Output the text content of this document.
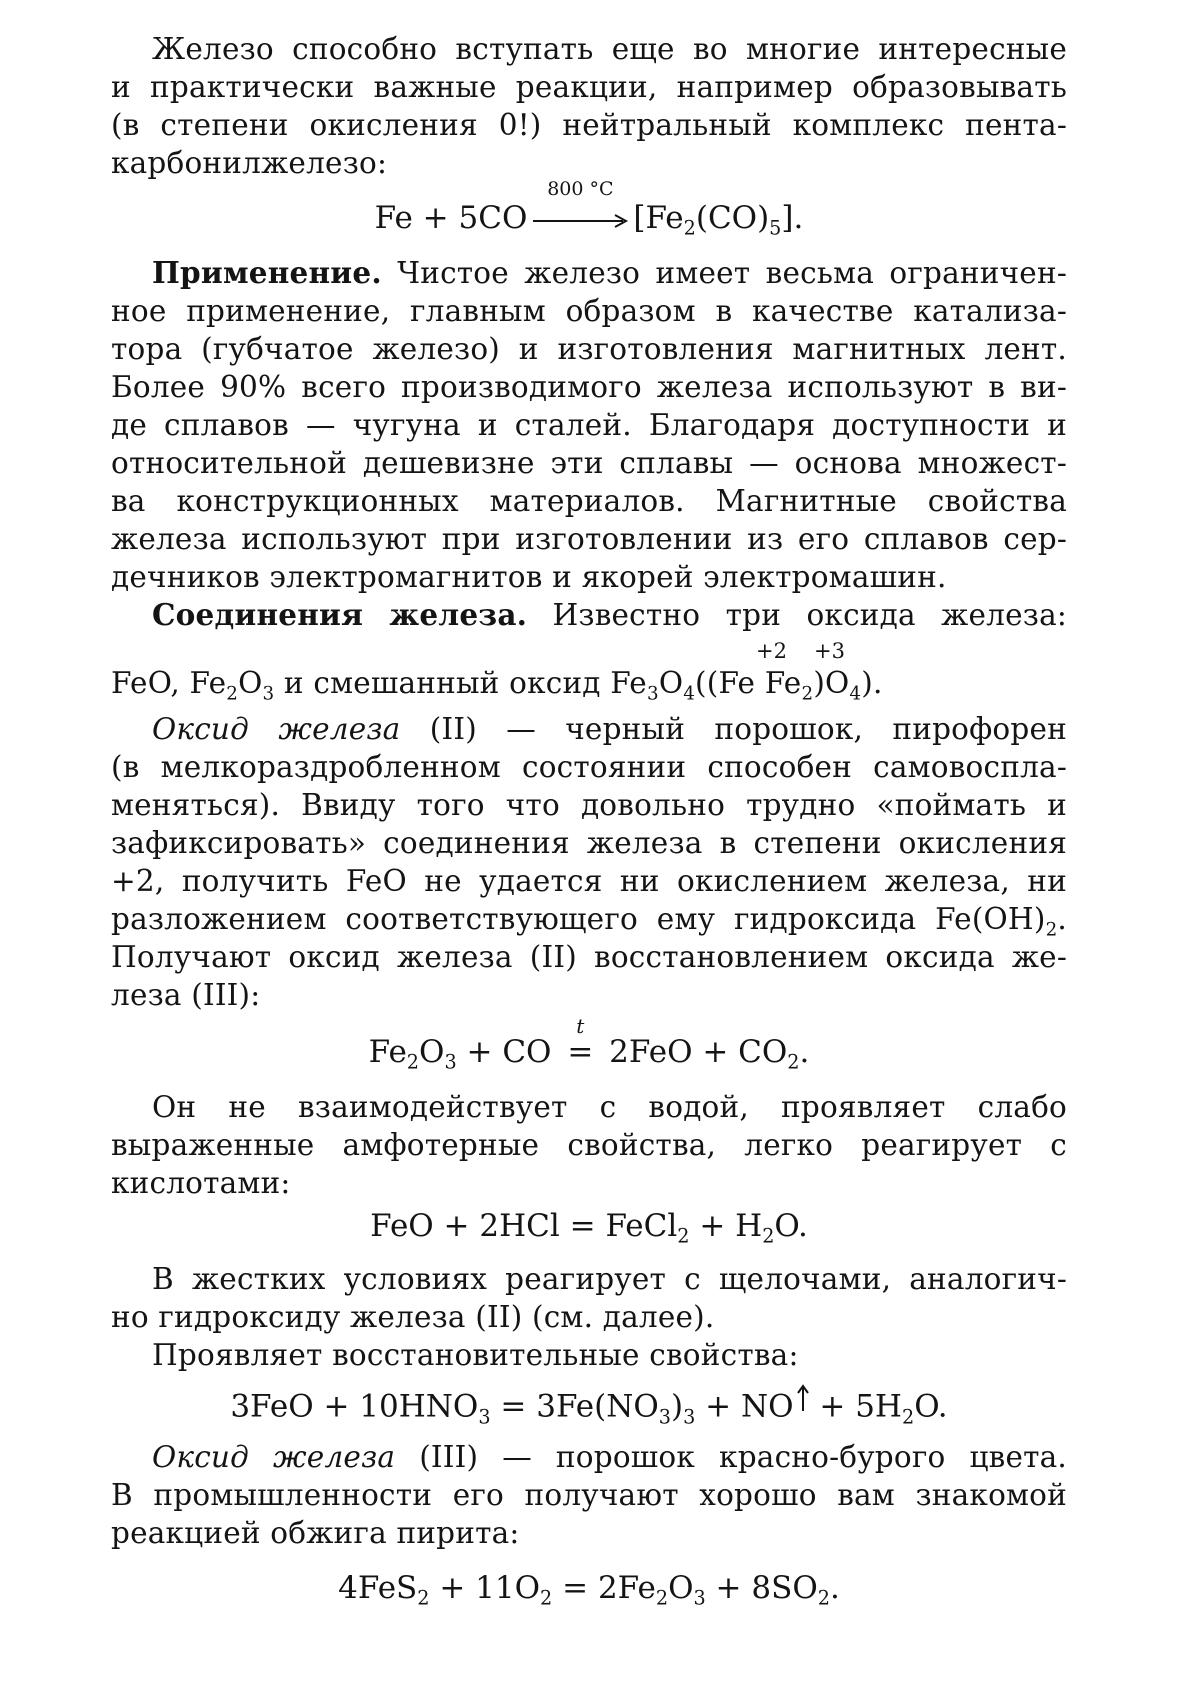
Железо способно вступать еще во многие интересные
и практически важные реакции, например образовывать
(в степени окисления 0!) нейтральный комплекс пента-
карбонилжелезо:
Fe + 5CO
800 °C
$[Fe_2(CO)_5]$.
Применение. Чистое железо имеет весьма ограничен-
ное применение, главным образом в качестве катализа-
тора (губчатое железо) и изготовления магнитных лент.
Более 90% всего производимого железа используют в ви-
де сплавов — чугуна и сталей. Благодаря доступности и
относительной дешевизне эти сплавы — основа множест-
ва конструкционных материалов. Магнитные свойства
железа используют при изготовлении из его сплавов сер-
дечников электромагнитов и якорей электромашин.
Соединения железа. Известно три оксида железа:
+2 +3
FeO, $Fe_2O_3$ и смешанный оксид $Fe_3O_4((Fe$ $Fe_2)O_4$).
Оксид железа (II) — черный порошок, пирофорен
(в мелкораздробленном состоянии способен самовоспла-
меняться). Ввиду того что довольно трудно «поймать и
зафиксировать» соединения железа в степени окисления
+2, получить FeO не удается ни окислением железа, ни
разложением соответствующего ему гидроксида $Fe(OH)_2$.
Получают оксид железа (II) восстановлением оксида же-
леза (III):
$Fe_2O_3$ + CO
t
= $2FeO + CO_2$.
Он не взаимодействует с водой, проявляет слабо
выраженные амфотерные свойства, легко реагирует с
кислотами:
FeO + 2HCl = FeCl$_2$ + $H_2O$.
В жестких условиях реагирует с щелочами, аналогич-
но гидроксиду железа (II) (см. далее).
Проявляет восстановительные свойства:
$3FeO + 10HNO_3 = 3Fe(NO_3)_3$ + NO + $5H_2O$.
Оксид железа (III) — порошок красно-бурого цвета.
В промышленности его получают хорошо вам знакомой
реакцией обжига пирита:
$4FeS_2 + 11O_2 = 2Fe_2O_3 + 8SO_2$.
